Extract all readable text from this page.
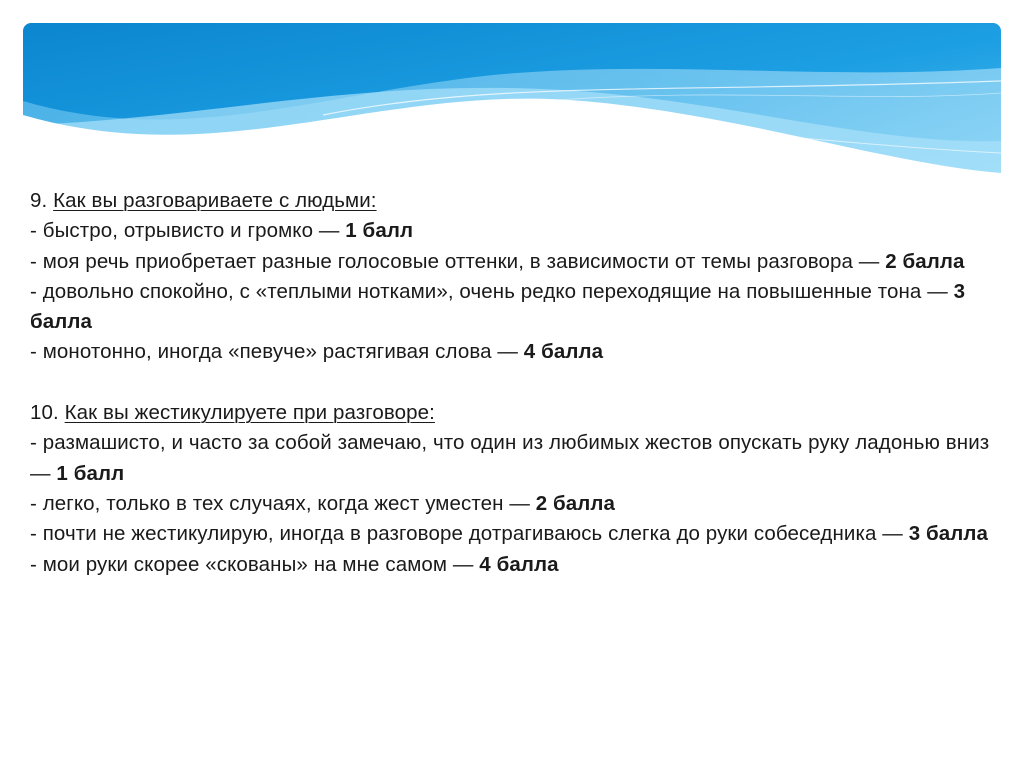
9. Как вы разговариваете с людьми:

- быстро, отрывисто и громко — 1 балл

- моя речь приобретает разные голосовые оттенки, в зависимости от темы разговора — 2 балла

- довольно спокойно, с «теплыми нотками», очень редко переходящие на повышенные тона — 3 балла

- монотонно, иногда «певуче» растягивая слова — 4 балла

10. Как вы жестикулируете при разговоре:

- размашисто, и часто за собой замечаю, что один из любимых жестов опускать руку ладонью вниз — 1 балл

- легко, только в тех случаях, когда жест уместен — 2 балла

- почти не жестикулирую, иногда в разговоре дотрагиваюсь слегка до руки собеседника — 3 балла

- мои руки скорее «скованы» на мне самом — 4 балла
